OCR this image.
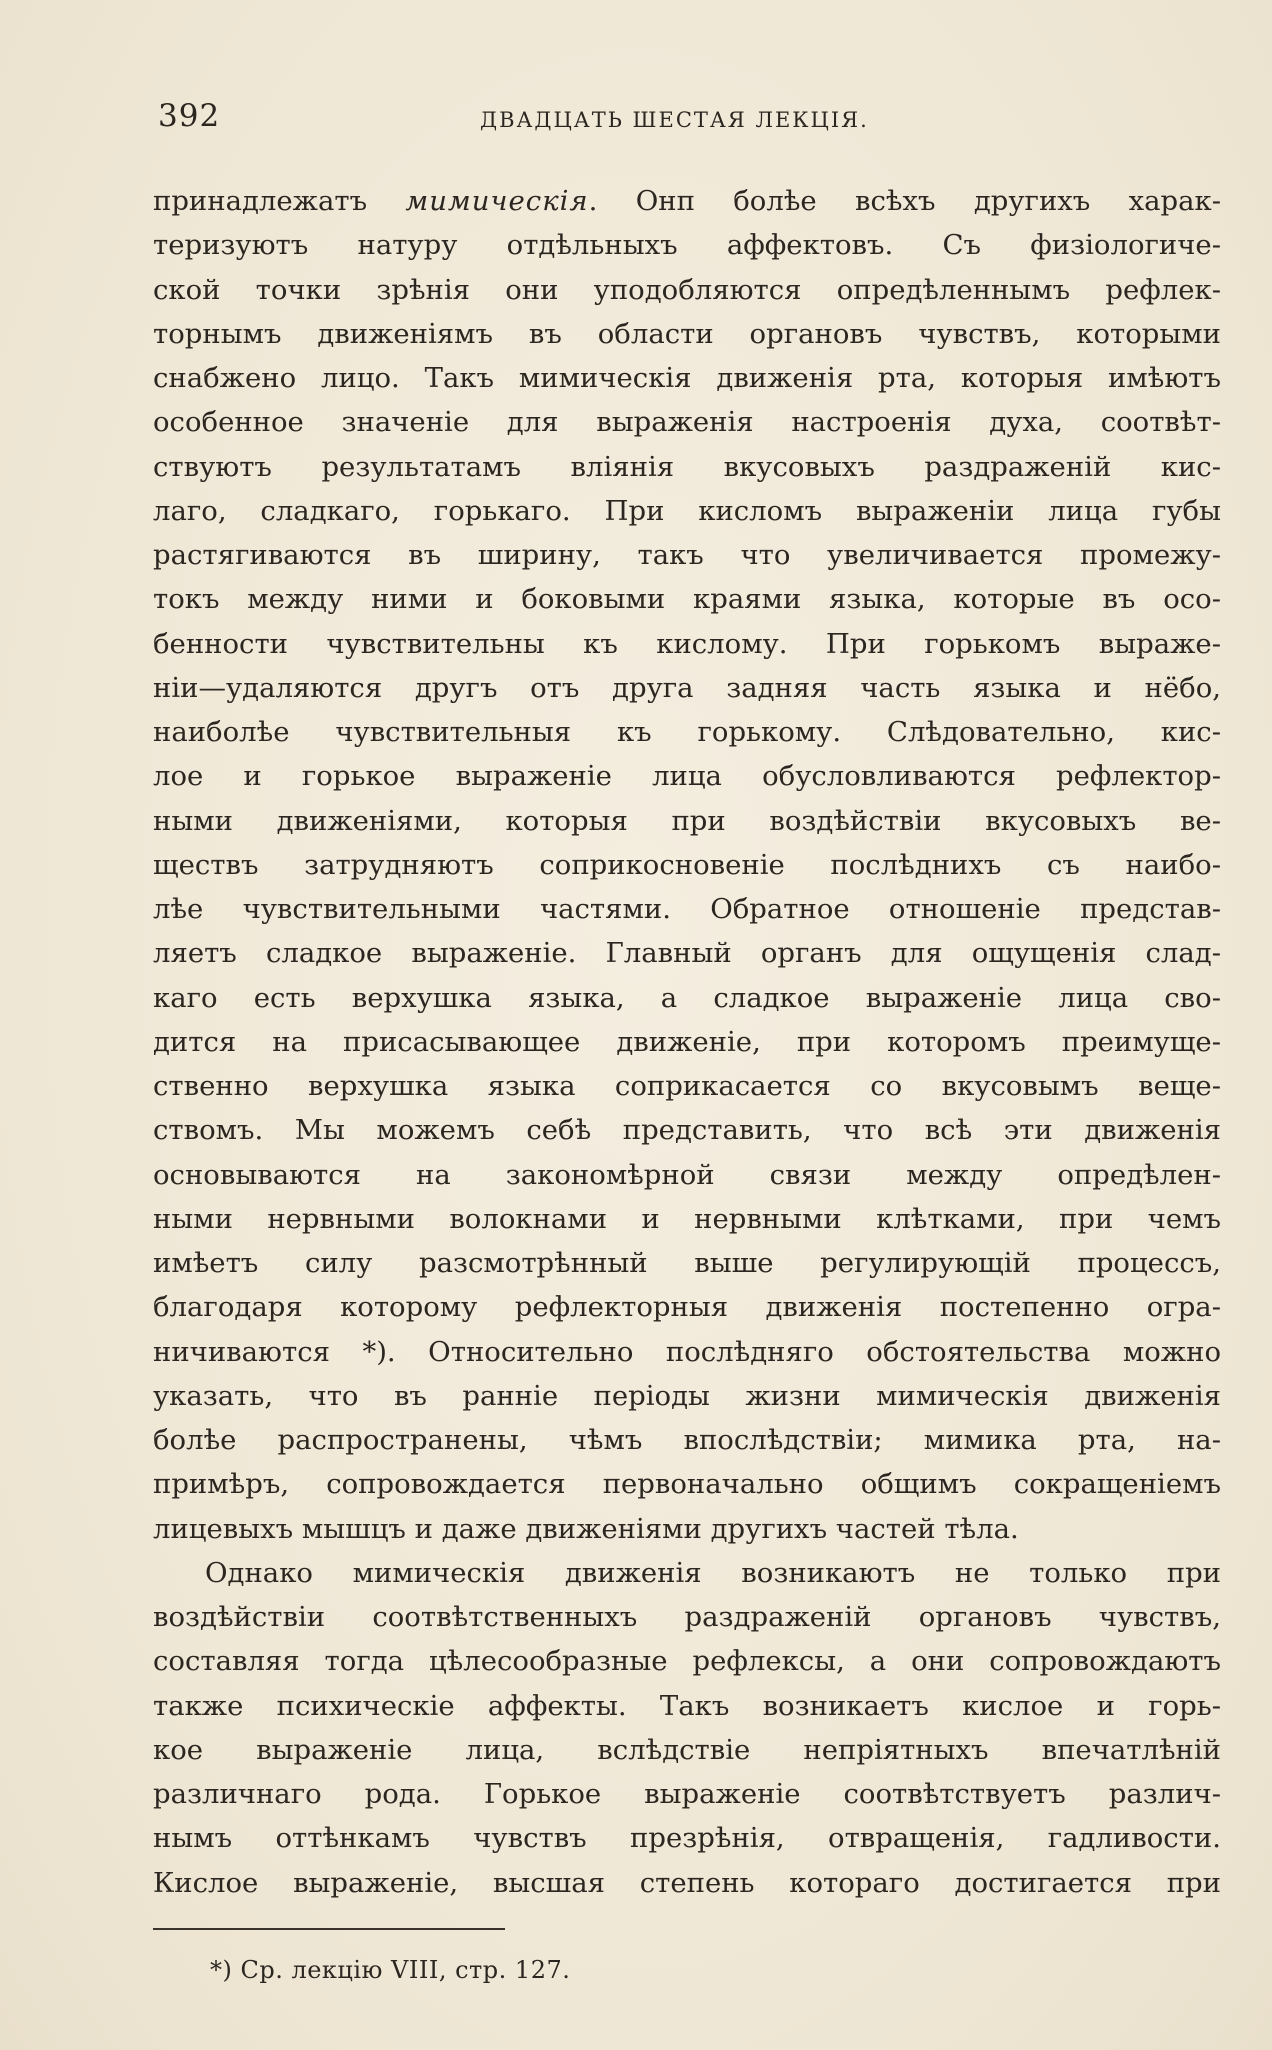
392	ДВАДЦАТЬ ШЕСТАЯ ЛЕКЦIЯ.
принадлежатъ мимическiя. Онп болѣе всѣхъ другихъ харак-
теризуютъ натуру отдѣльныхъ аффектовъ. Съ физiологиче-
ской точки зрѣнiя они уподобляются опредѣленнымъ рефлек-
торнымъ движенiямъ въ области органовъ чувствъ, которыми
снабжено лицо. Такъ мимическiя движенiя рта, которыя имѣютъ
особенное значенiе для выраженiя настроенiя духа, соотвѣт-
ствуютъ результатамъ влiянiя вкусовыхъ раздраженiй кис-
лаго, сладкаго, горькаго. При кисломъ выраженiи лица губы
растягиваются въ ширину, такъ что увеличивается промежу-
токъ между ними и боковыми краями языка, которые въ осо-
бенности чувствительны къ кислому. При горькомъ выраже-
нiи—удаляются другъ отъ друга задняя часть языка и нёбо,
наиболѣе чувствительныя къ горькому. Слѣдовательно, кис-
лое и горькое выраженiе лица обусловливаются рефлектор-
ными движенiями, которыя при воздѣйствiи вкусовыхъ ве-
ществъ затрудняютъ соприкосновенiе послѣднихъ съ наибо-
лѣе чувствительными частями. Обратное отношенiе представ-
ляетъ сладкое выраженiе. Главный органъ для ощущенiя слад-
каго есть верхушка языка, а сладкое выраженiе лица сво-
дится на присасывающее движенiе, при которомъ преимуще-
ственно верхушка языка соприкасается со вкусовымъ веще-
ствомъ. Мы можемъ себѣ представить, что всѣ эти движенiя
основываются на закономѣрной связи между опредѣлен-
ными нервными волокнами и нервными клѣтками, при чемъ
имѣетъ силу разсмотрѣнный выше регулирующiй процессъ,
благодаря которому рефлекторныя движенiя постепенно огра-
ничиваются *). Относительно послѣдняго обстоятельства можно
указать, что въ раннiе перiоды жизни мимическiя движенiя
болѣе распространены, чѣмъ впослѣдствiи; мимика рта, на-
примѣръ, сопровождается первоначально общимъ сокращенiемъ
лицевыхъ мышцъ и даже движенiями другихъ частей тѣла.
Однако мимическiя движенiя возникаютъ не только при
воздѣйствiи соотвѣтственныхъ раздраженiй органовъ чувствъ,
составляя тогда цѣлесообразные рефлексы, а они сопровождаютъ
также психическiе аффекты. Такъ возникаетъ кислое и горь-
кое выраженiе лица, вслѣдствiе непрiятныхъ впечатлѣнiй
различнаго рода. Горькое выраженiе соотвѣтствуетъ различ-
нымъ оттѣнкамъ чувствъ презрѣнiя, отвращенiя, гадливости.
Кислое выраженiе, высшая степень котораго достигается при
*) Ср. лекцiю VIII, стр. 127.
